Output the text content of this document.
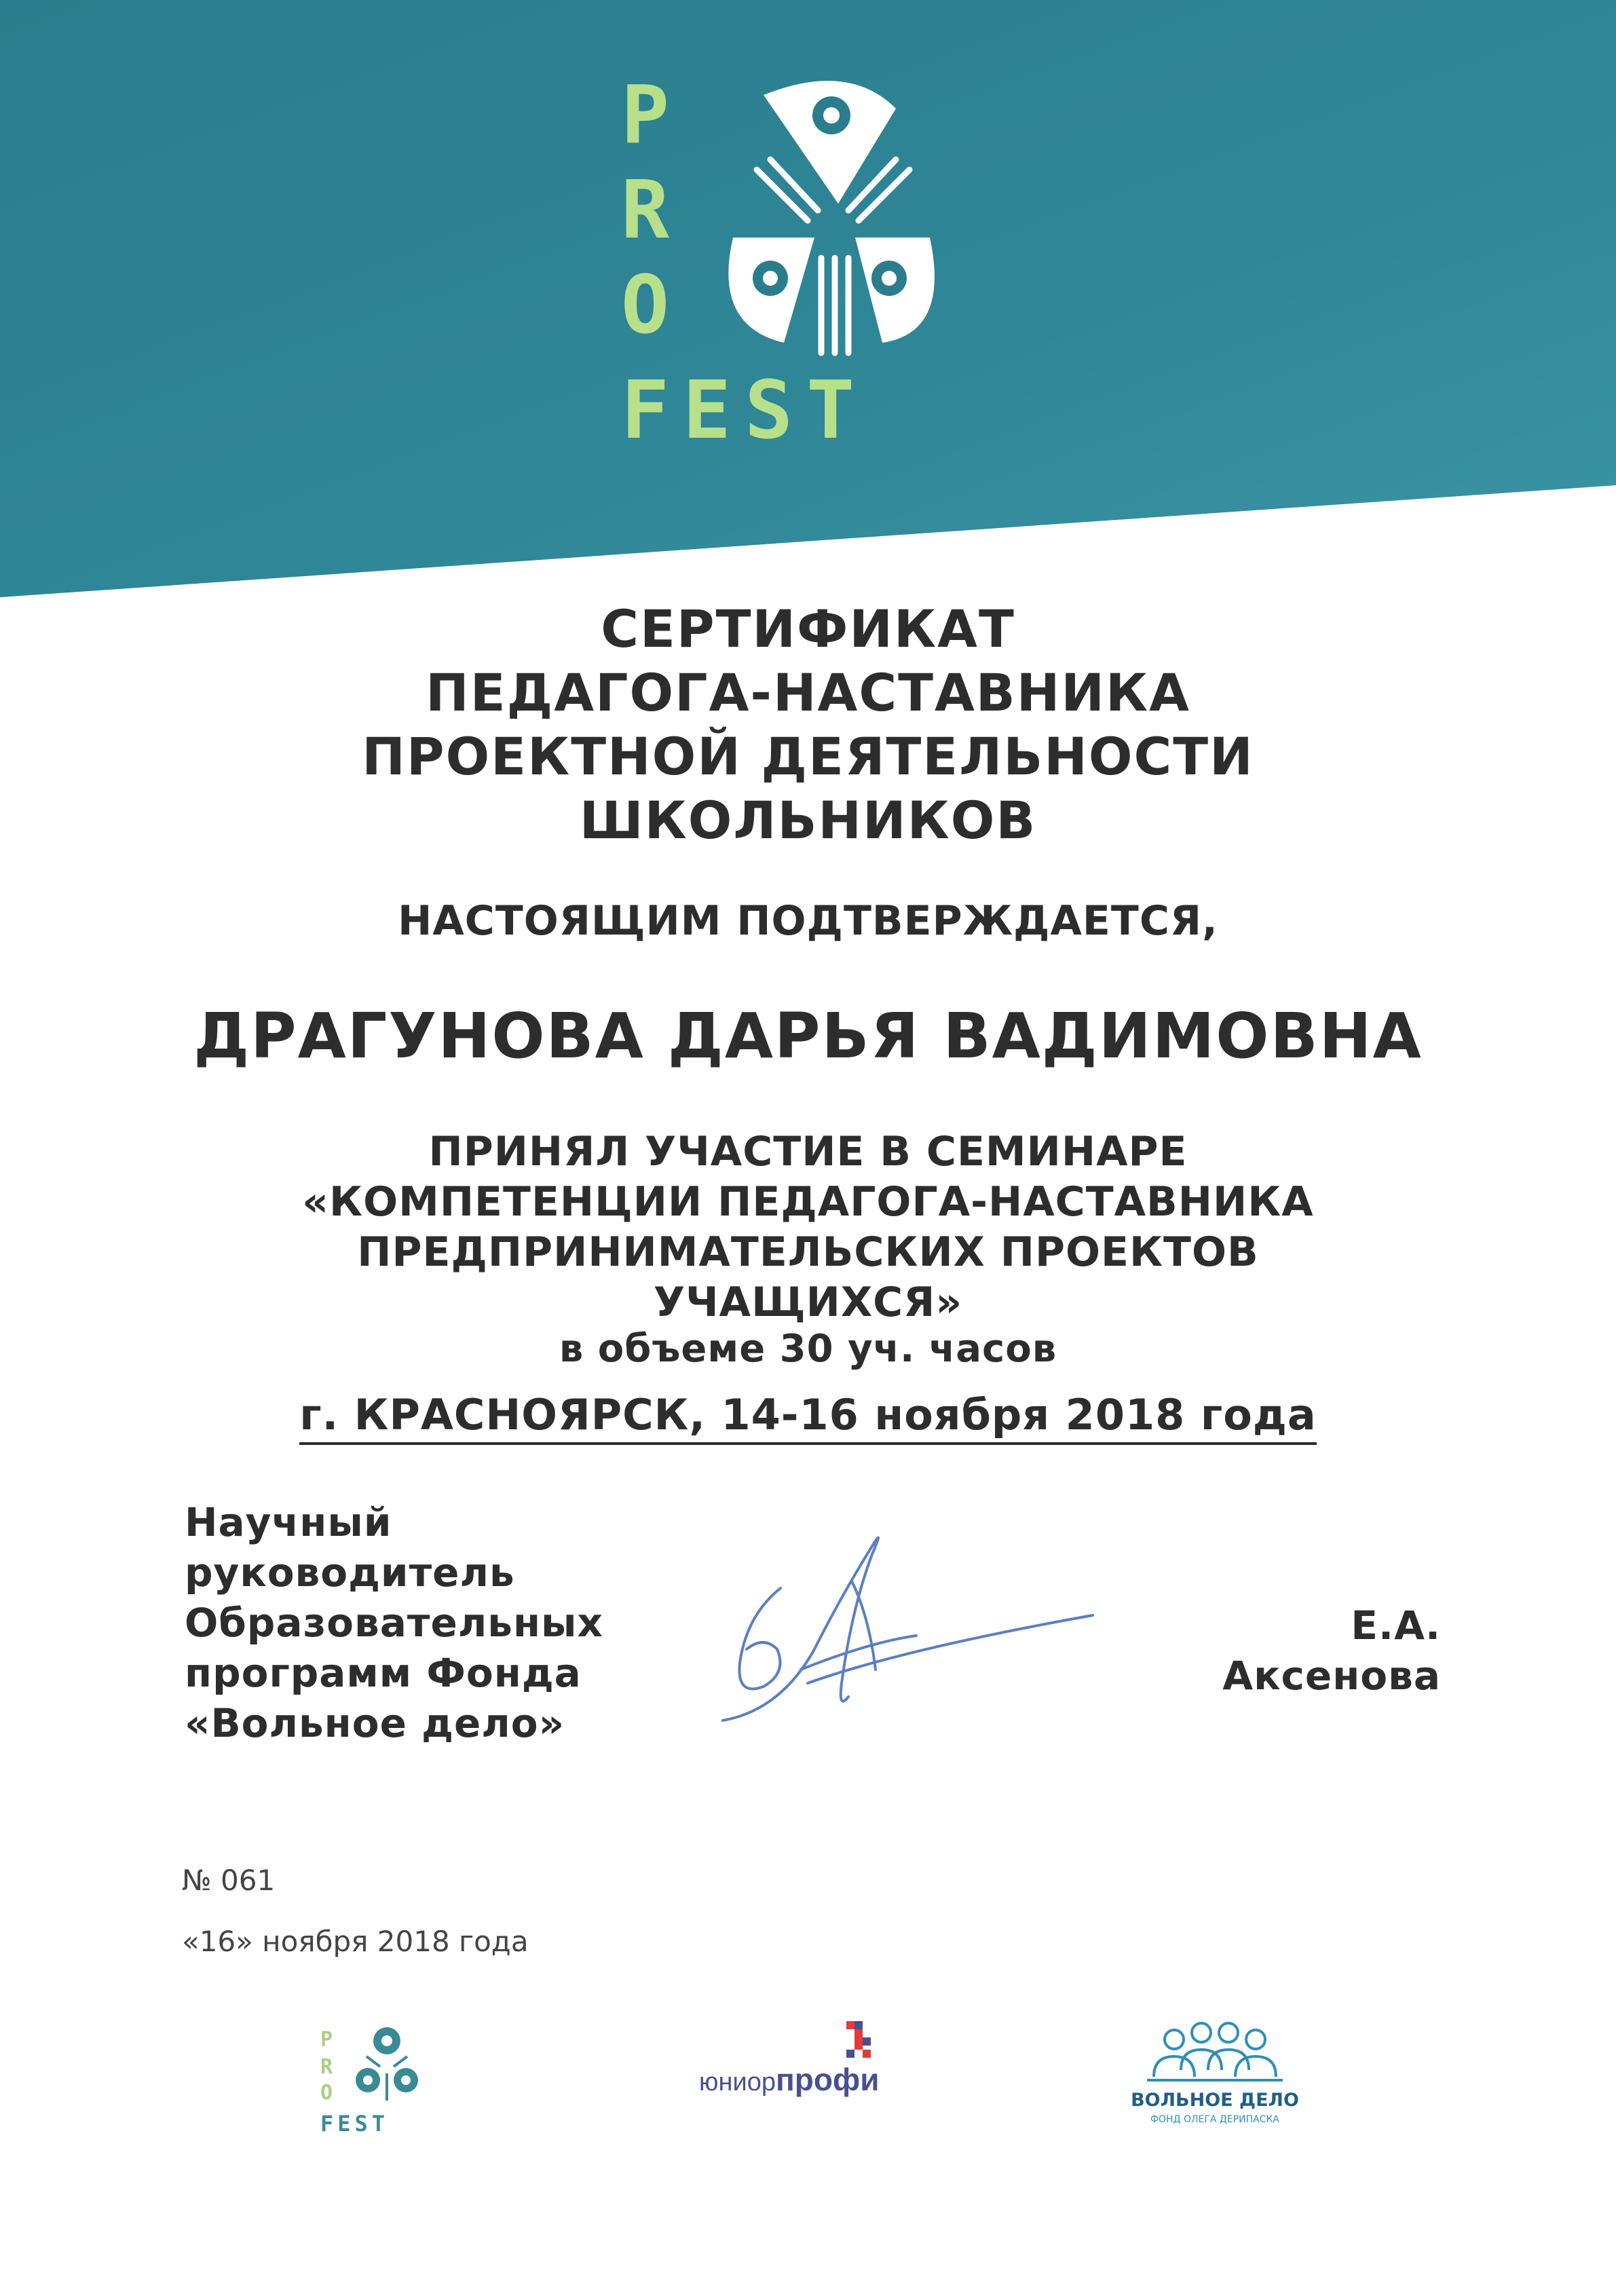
P
R
O
FEST
СЕРТИФИКАТ
ПЕДАГОГА-НАСТАВНИКА
ПРОЕКТНОЙ ДЕЯТЕЛЬНОСТИ
ШКОЛЬНИКОВ
НАСТОЯЩИМ ПОДТВЕРЖДАЕТСЯ,
ДРАГУНОВА ДАРЬЯ ВАДИМОВНА
ПРИНЯЛ УЧАСТИЕ В СЕМИНАРЕ
«КОМПЕТЕНЦИИ ПЕДАГОГА-НАСТАВНИКА
ПРЕДПРИНИМАТЕЛЬСКИХ ПРОЕКТОВ
УЧАЩИХСЯ»
в объеме 30 уч. часов
г. КРАСНОЯРСК, 14-16 ноября 2018 года
Научный
руководитель
Образовательных
программ Фонда
«Вольное дело»
Е.А.
Аксенова
№ 061
«16» ноября 2018 года
P
R
O
FEST
юниорпрофи
ВОЛЬНОЕ ДЕЛО
ФОНД ОЛЕГА ДЕРИПАСКА
